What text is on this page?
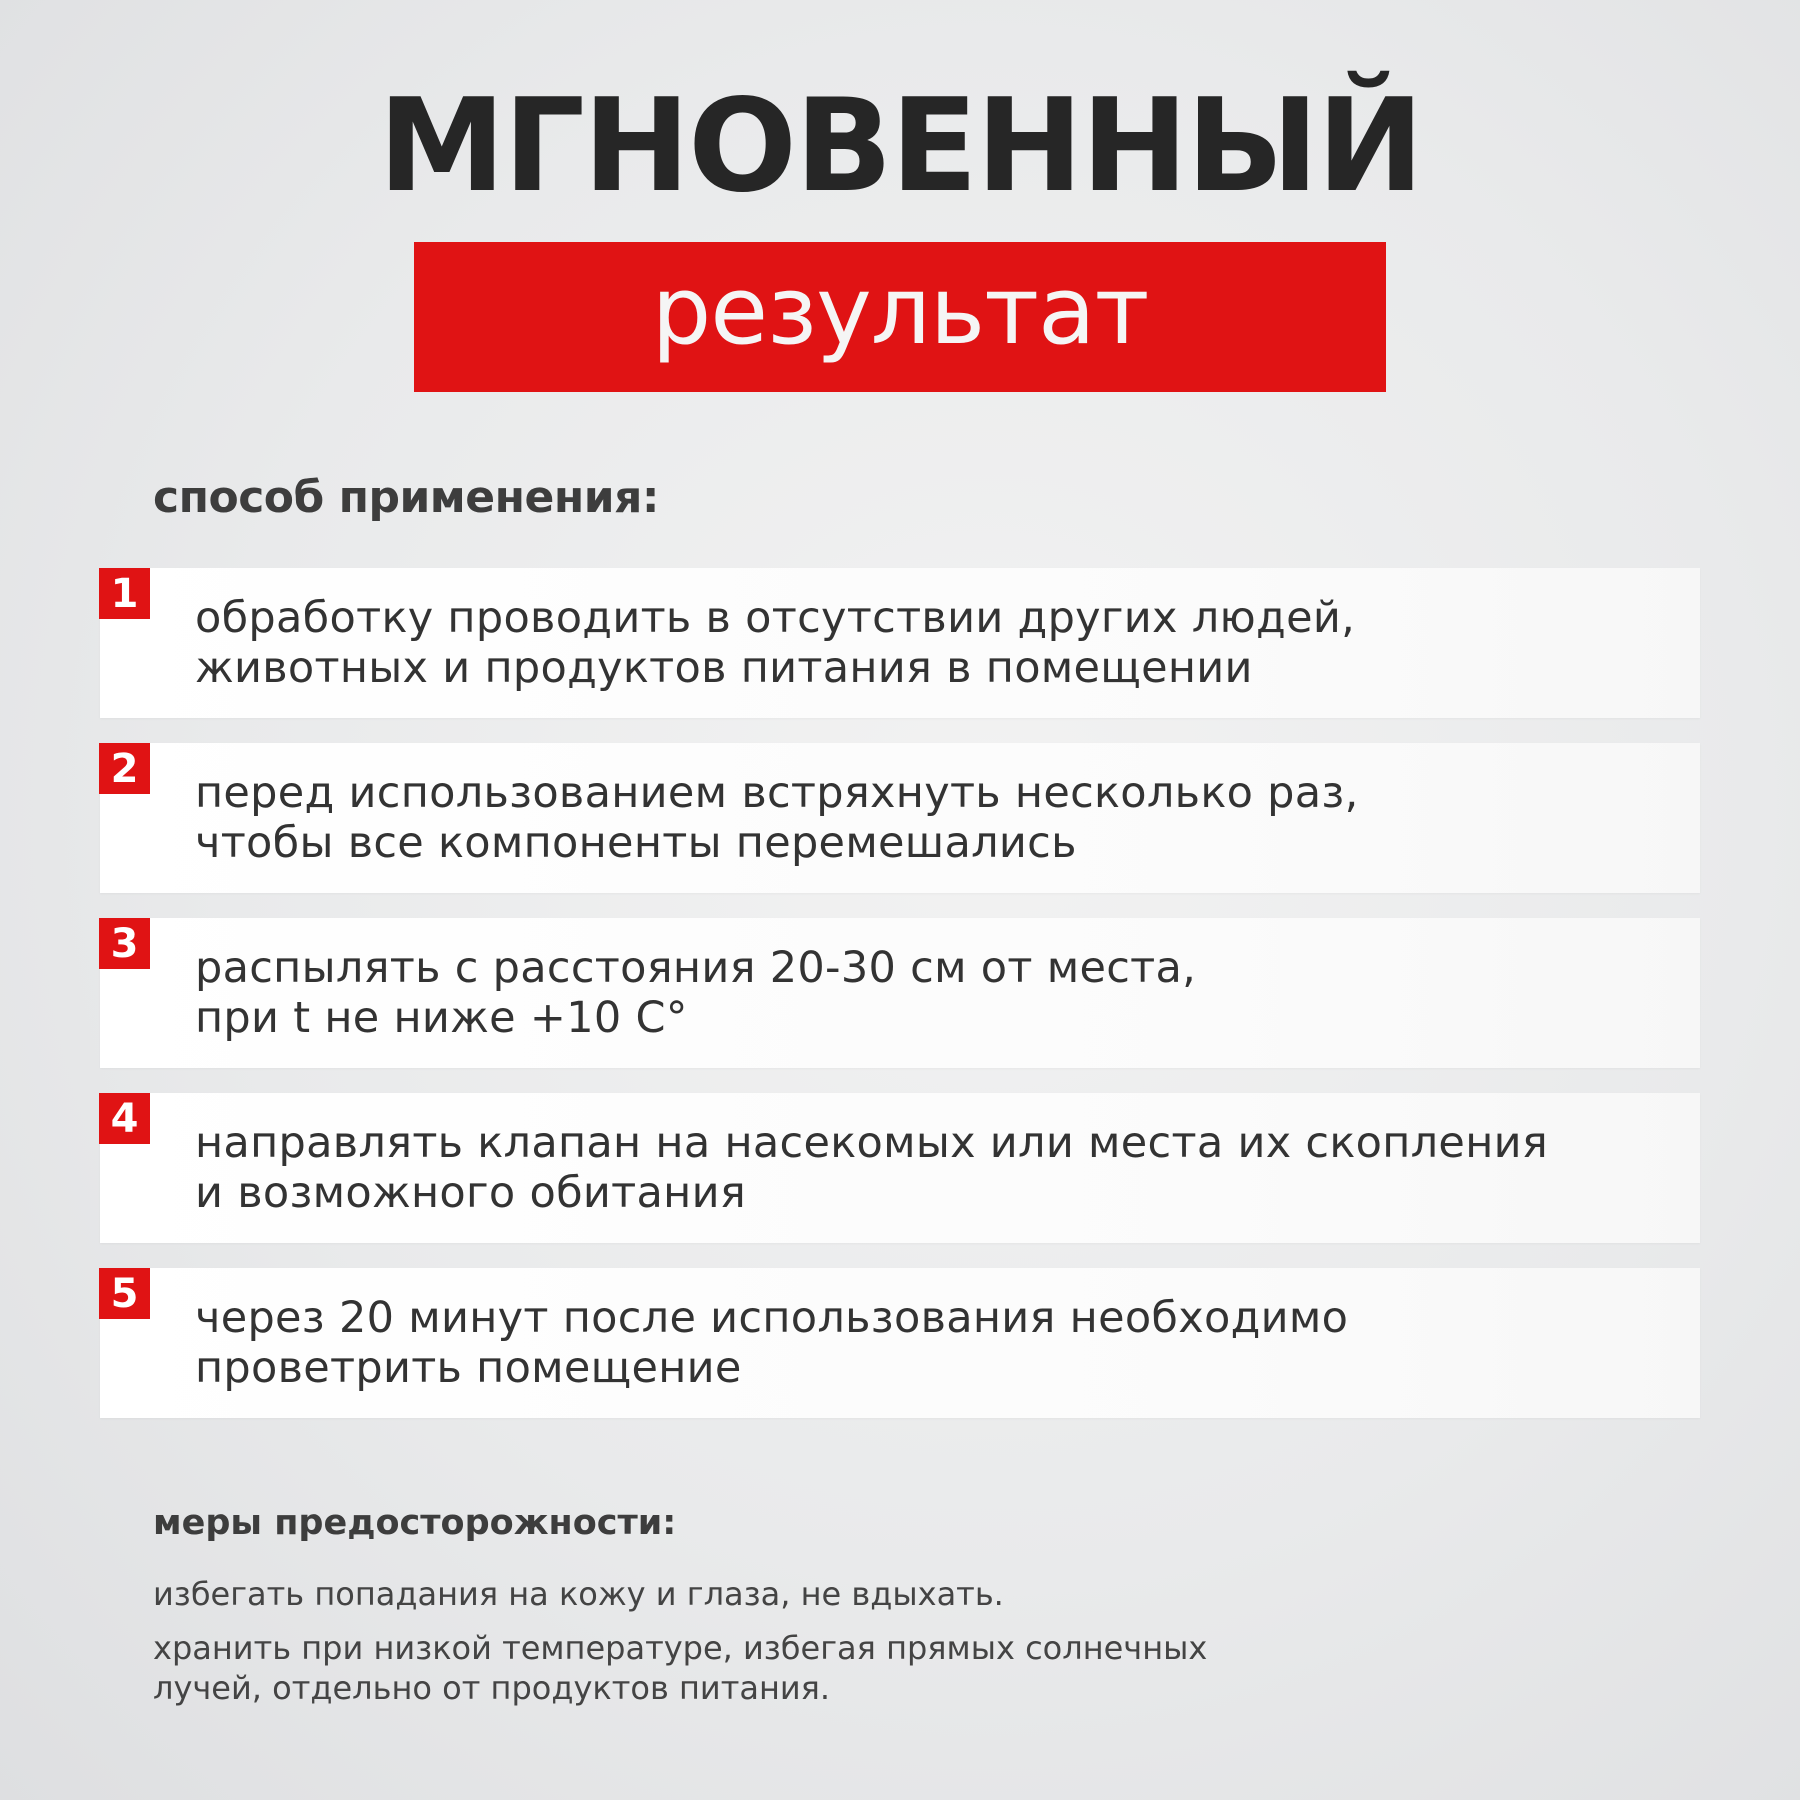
МГНОВЕННЫЙ
результат
способ применения:
1 обработку проводить в отсутствии других людей,
животных и продуктов питания в помещении
2 перед использованием встряхнуть несколько раз,
чтобы все компоненты перемешались
3 распылять с расстояния 20-30 см от места,
при t не ниже +10 С°
4 направлять клапан на насекомых или места их скопления
и возможного обитания
5 через 20 минут после использования необходимо
проветрить помещение
меры предосторожности:
избегать попадания на кожу и глаза, не вдыхать.
хранить при низкой температуре, избегая прямых солнечных
лучей, отдельно от продуктов питания.
